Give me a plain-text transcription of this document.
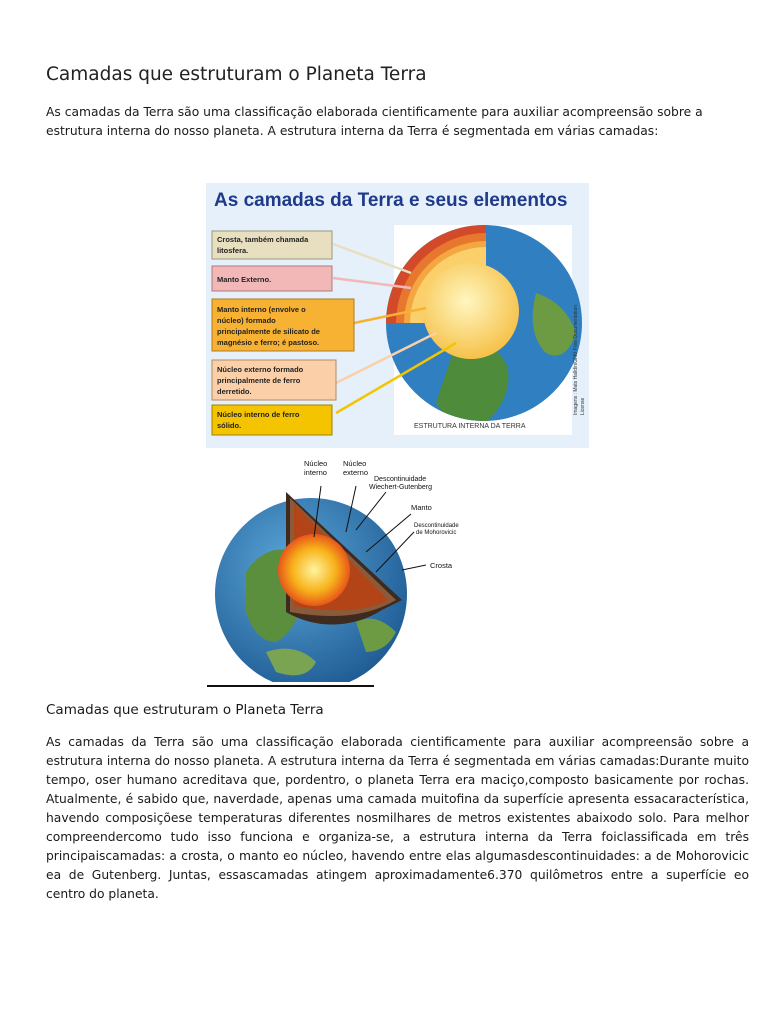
Camadas que estruturam o Planeta Terra

As camadas da Terra são uma classificação elaborada cientificamente para auxiliar acompreensão sobre a estrutura interna do nosso planeta. A estrutura interna da Terra é segmentada em várias camadas:

As camadas da Terra e seus elementos
Crosta, também chamada
litosfera.
Manto Externo.
Manto interno (envolve o
núcleo) formado
principalmente de silicato de
magnésio e ferro; é pastoso.
Núcleo externo formado
principalmente de ferro
derretido.
Núcleo interno de ferro
sólido.	ESTRUTURA INTERNA DA TERRA
Imagens : Mats Halldin/GNU Free Documentation License
Núcleo
interno
Núcleo
externo
Descontinuidade
Wiechert-Gutenberg
Manto
Descontinuidade
de Mohorovicic
Crosta
Camadas que estruturam o Planeta Terra

As camadas da Terra são uma classificação elaborada cientificamente para auxiliar acompreensão sobre a estrutura interna do nosso planeta. A estrutura interna da Terra é segmentada em várias camadas:Durante muito tempo, oser humano acreditava que, pordentro, o planeta Terra era maciço,composto basicamente por rochas. Atualmente, é sabido que, naverdade, apenas uma camada muitofina da superfície apresenta essacaracterística, havendo composiçõese temperaturas diferentes nosmilhares de metros existentes abaixodo solo. Para melhor compreendercomo tudo isso funciona e organiza-se, a estrutura interna da Terra foiclassificada em três principaiscamadas: a crosta, o manto eo núcleo, havendo entre elas algumasdescontinuidades: a de Mohorovicic ea de Gutenberg. Juntas, essascamadas atingem aproximadamente6.370 quilômetros entre a superfície eo centro do planeta.
